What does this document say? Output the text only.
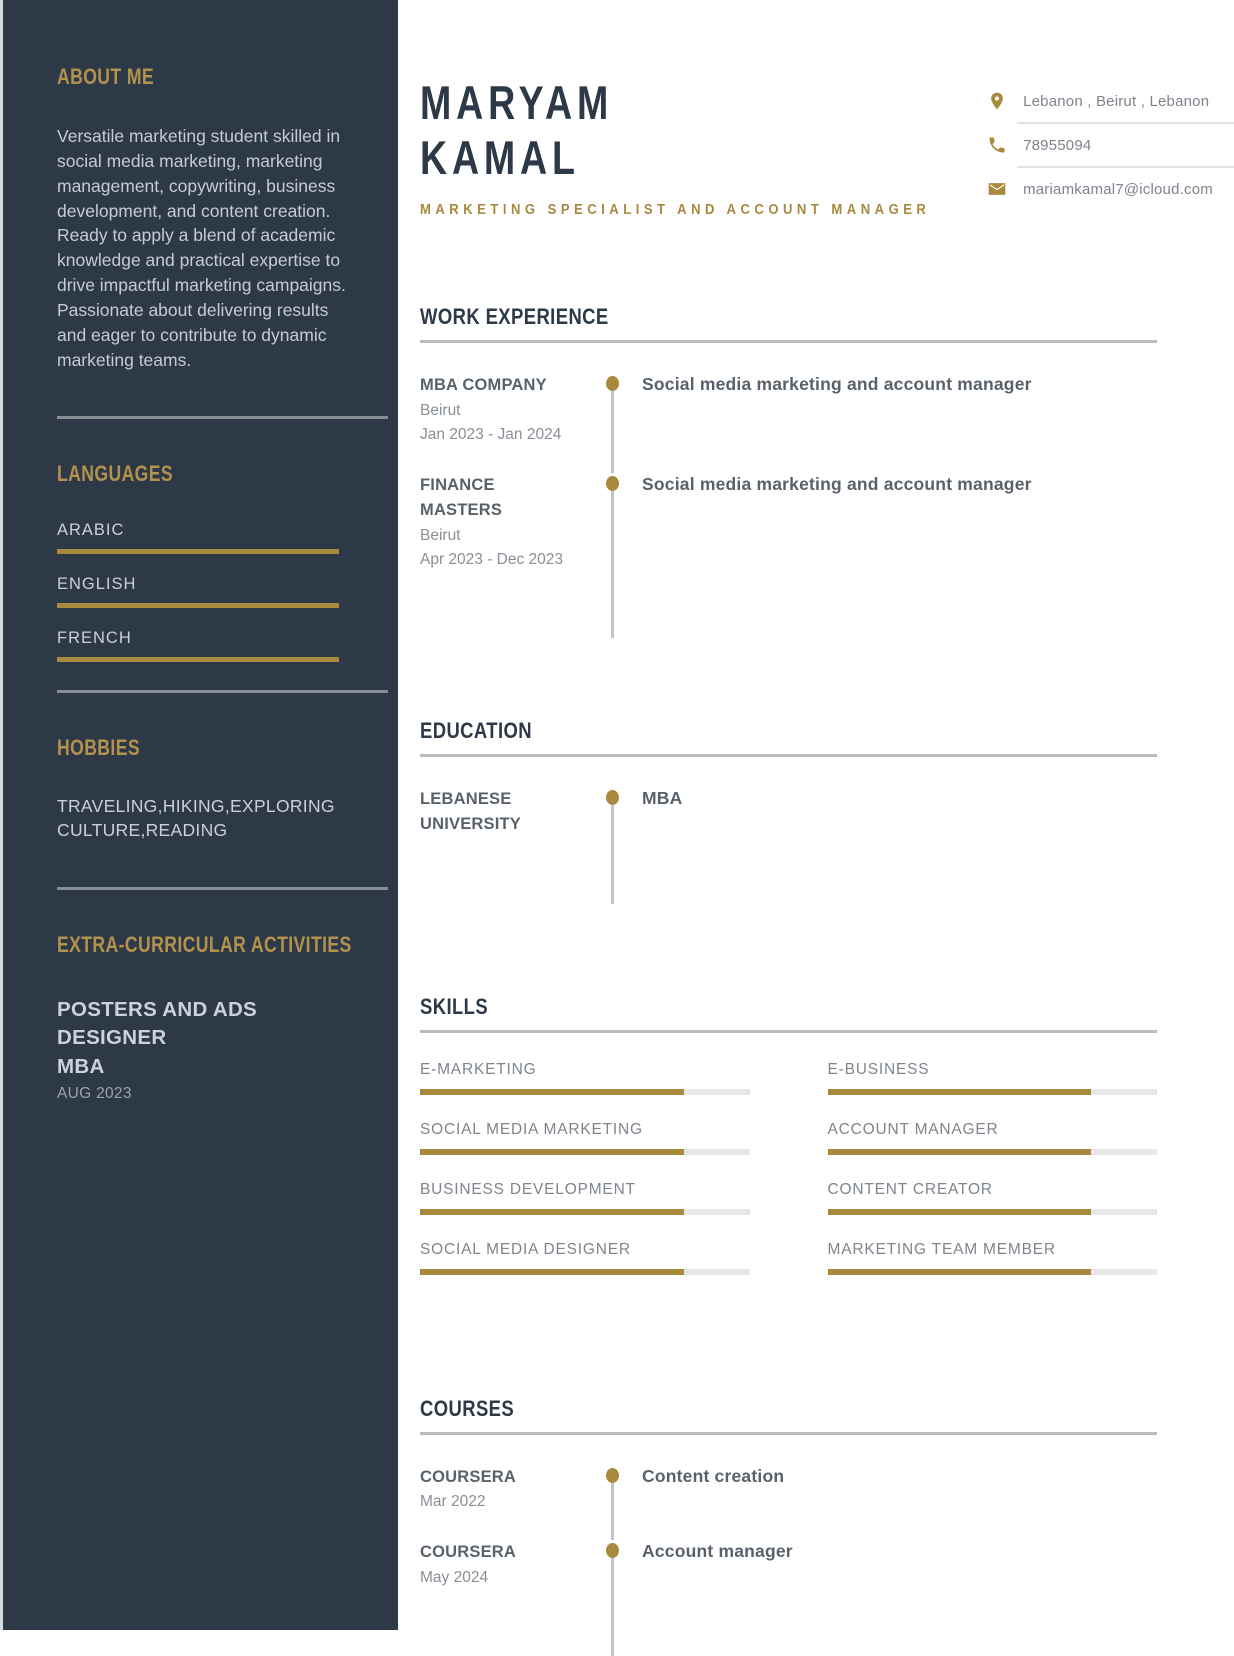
ABOUT ME

Versatile marketing student skilled in social media marketing, marketing management, copywriting, business development, and content creation. Ready to apply a blend of academic knowledge and practical expertise to drive impactful marketing campaigns. Passionate about delivering results and eager to contribute to dynamic marketing teams.

LANGUAGES
ARABIC
ENGLISH
FRENCH
HOBBIES

TRAVELING,HIKING,EXPLORING CULTURE,READING

EXTRA-CURRICULAR ACTIVITIES
POSTERS AND ADS DESIGNER
MBA
AUG 2023
MARYAM
KAMAL
MARKETING SPECIALIST AND ACCOUNT MANAGER
Lebanon , Beirut , Lebanon
78955094
mariamkamal7@icloud.com
WORK EXPERIENCE
MBA COMPANY
Beirut
Jan 2023 - Jan 2024
Social media marketing and account manager
FINANCE MASTERS
Beirut
Apr 2023 - Dec 2023
Social media marketing and account manager
EDUCATION
LEBANESE UNIVERSITY
MBA
SKILLS
E-MARKETING
SOCIAL MEDIA MARKETING
BUSINESS DEVELOPMENT
SOCIAL MEDIA DESIGNER
E-BUSINESS
ACCOUNT MANAGER
CONTENT CREATOR
MARKETING TEAM MEMBER
COURSES
COURSERA
Mar 2022
Content creation
COURSERA
May 2024
Account manager
